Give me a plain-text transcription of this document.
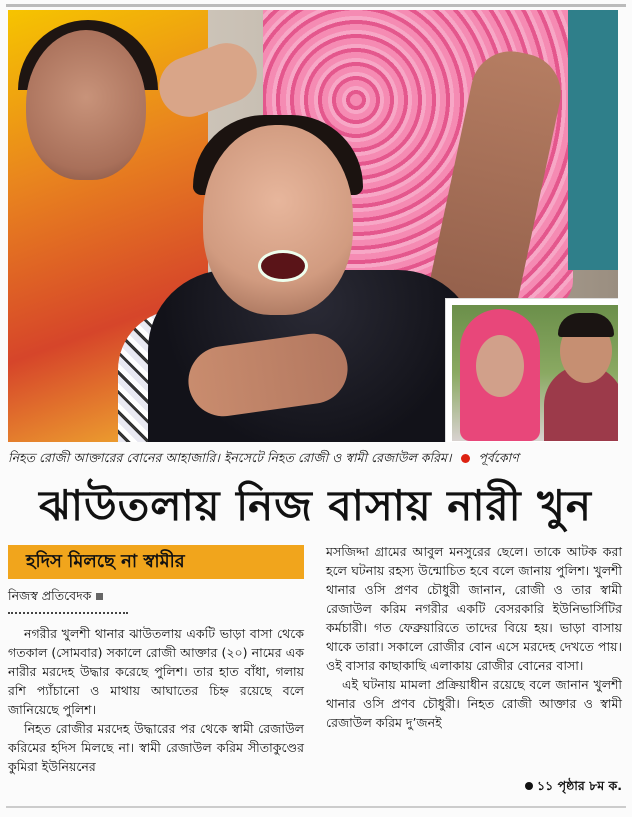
নিহত রোজী আক্তারের বোনের আহাজারি। ইনসেটে নিহত রোজী ও স্বামী রেজাউল করিম। পূর্বকোণ
ঝাউতলায় নিজ বাসায় নারী খুন
হদিস মিলছে না স্বামীর
নিজস্ব প্রতিবেদক

নগরীর খুলশী থানার ঝাউতলায় একটি ভাড়া বাসা থেকে গতকাল (সোমবার) সকালে রোজী আক্তার (২০) নামের এক নারীর মরদেহ উদ্ধার করেছে পুলিশ। তার হাত বাঁধা, গলায় রশি প্যাঁচানো ও মাথায় আঘাতের চিহ্ন রয়েছে বলে জানিয়েছে পুলিশ।

নিহত রোজীর মরদেহ উদ্ধারের পর থেকে স্বামী রেজাউল করিমের হদিস মিলছে না। স্বামী রেজাউল করিম সীতাকুণ্ডের কুমিরা ইউনিয়নের

মসজিদ্দা গ্রামের আবুল মনসুরের ছেলে। তাকে আটক করা হলে ঘটনায় রহস্য উন্মোচিত হবে বলে জানায় পুলিশ। খুলশী থানার ওসি প্রণব চৌধুরী জানান, রোজী ও তার স্বামী রেজাউল করিম নগরীর একটি বেসরকারি ইউনিভার্সিটির কর্মচারী। গত ফেব্রুয়ারিতে তাদের বিয়ে হয়। ভাড়া বাসায় থাকে তারা। সকালে রোজীর বোন এসে মরদেহ দেখতে পায়। ওই বাসার কাছাকাছি এলাকায় রোজীর বোনের বাসা।

এই ঘটনায় মামলা প্রক্রিয়াধীন রয়েছে বলে জানান খুলশী থানার ওসি প্রণব চৌধুরী। নিহত রোজী আক্তার ও স্বামী রেজাউল করিম দু’জনই

১১ পৃষ্ঠার ৮ম ক.
